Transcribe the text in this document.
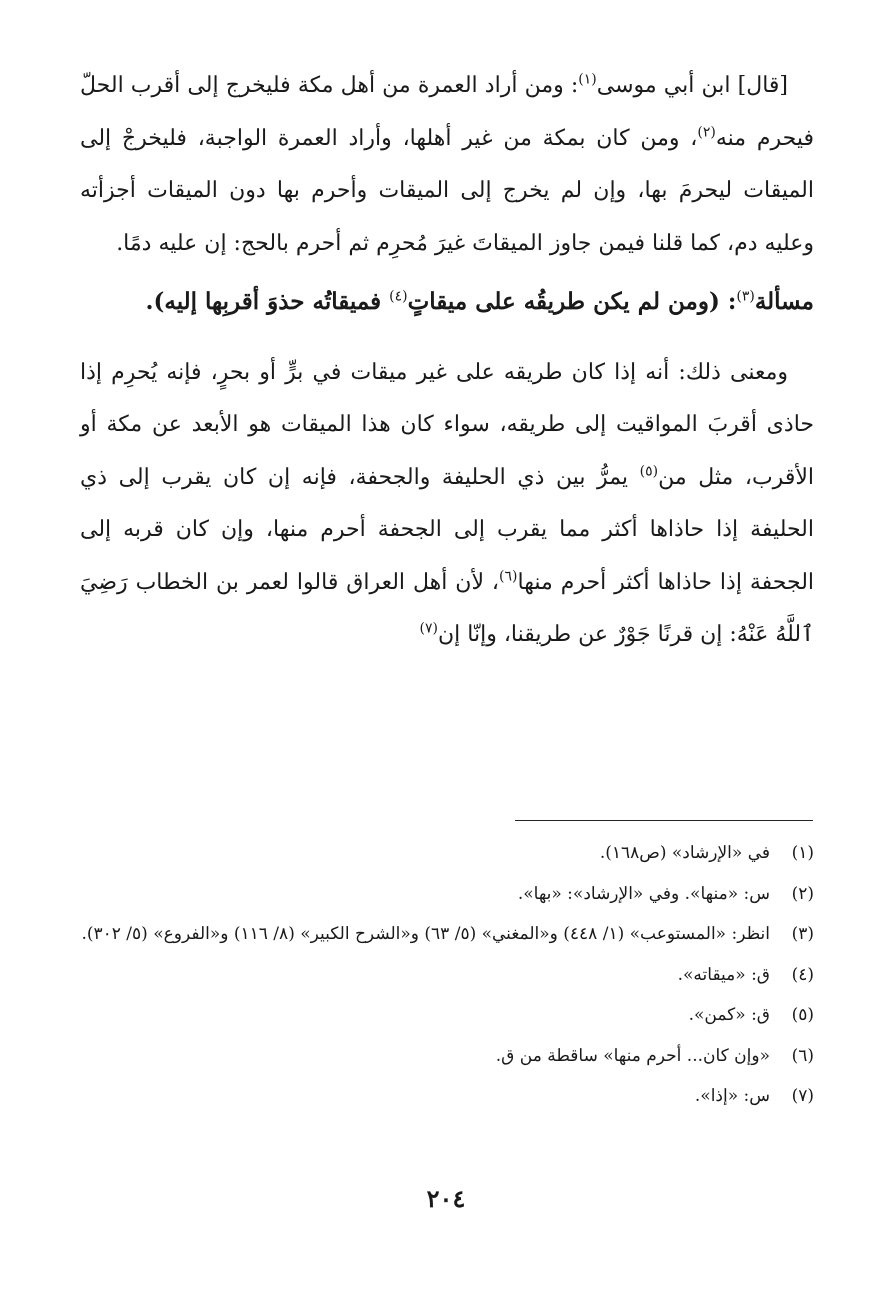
[قال] ابن أبي موسى$^{(١)}$: ومن أراد العمرة من أهل مكة فليخرج إلى أقرب الحلّ فيحرم منه$^{(٢)}$، ومن كان بمكة من غير أهلها، وأراد العمرة الواجبة، فليخرجْ إلى الميقات ليحرمَ بها، وإن لم يخرج إلى الميقات وأحرم بها دون الميقات أجزأته وعليه دم، كما قلنا فيمن جاوز الميقاتَ غيرَ مُحرِم ثم أحرم بالحج: إن عليه دمًا.

مسألة$^{(٣)}$: (ومن لم يكن طريقُه على ميقاتٍ$^{(٤)}$ فميقاتُه حذوَ أقربِها إليه).

ومعنى ذلك: أنه إذا كان طريقه على غير ميقات في برٍّ أو بحرٍ، فإنه يُحرِم إذا حاذى أقربَ المواقيت إلى طريقه، سواء كان هذا الميقات هو الأبعد عن مكة أو الأقرب، مثل من$^{(٥)}$ يمرُّ بين ذي الحليفة والجحفة، فإنه إن كان يقرب إلى ذي الحليفة إذا حاذاها أكثر مما يقرب إلى الجحفة أحرم منها، وإن كان قربه إلى الجحفة إذا حاذاها أكثر أحرم منها$^{(٦)}$، لأن أهل العراق قالوا لعمر بن الخطاب رَضِيَ ٱللَّهُ عَنْهُ: إن قرنًا جَوْرٌ عن طريقنا، وإنّا إن$^{(٧)}$

(١)
في «الإرشاد» (ص١٦٨).
(٢)
س: «منها». وفي «الإرشاد»: «بها».
(٣)
انظر: «المستوعب» (١/ ٤٤٨) و«المغني» (٥/ ٦٣) و«الشرح الكبير» (٨/ ١١٦) و«الفروع» (٥/ ٣٠٢).
(٤)
ق: «ميقاته».
(٥)
ق: «كمن».
(٦)
«وإن كان... أحرم منها» ساقطة من ق.
(٧)
س: «إذا».
٢٠٤
